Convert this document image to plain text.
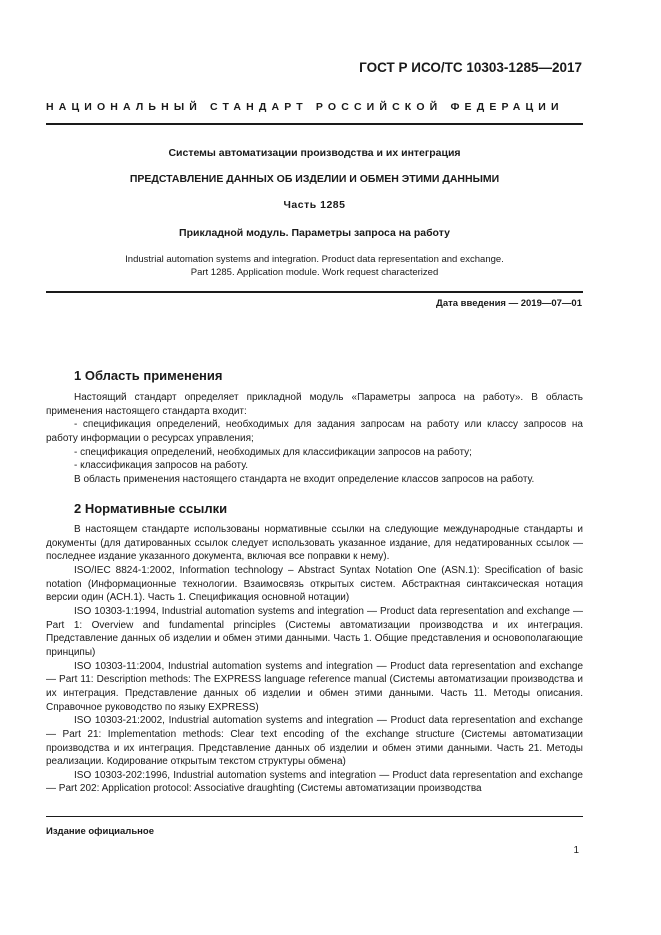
ГОСТ Р ИСО/ТС 10303-1285—2017
НАЦИОНАЛЬНЫЙ СТАНДАРТ РОССИЙСКОЙ ФЕДЕРАЦИИ
Системы автоматизации производства и их интеграция
ПРЕДСТАВЛЕНИЕ ДАННЫХ ОБ ИЗДЕЛИИ И ОБМЕН ЭТИМИ ДАННЫМИ
Часть 1285
Прикладной модуль. Параметры запроса на работу
Industrial automation systems and integration. Product data representation and exchange.
Part 1285. Application module. Work request characterized
Дата введения — 2019—07—01
1 Область применения

Настоящий стандарт определяет прикладной модуль «Параметры запроса на работу». В область применения настоящего стандарта входит:

- спецификация определений, необходимых для задания запросам на работу или классу запросов на работу информации о ресурсах управления;

- спецификация определений, необходимых для классификации запросов на работу;

- классификация запросов на работу.

В область применения настоящего стандарта не входит определение классов запросов на работу.

2 Нормативные ссылки

В настоящем стандарте использованы нормативные ссылки на следующие международные стандарты и документы (для датированных ссылок следует использовать указанное издание, для недатированных ссылок — последнее издание указанного документа, включая все поправки к нему).

ISO/IEC 8824-1:2002, Information technology – Abstract Syntax Notation One (ASN.1): Specification of basic notation (Информационные технологии. Взаимосвязь открытых систем. Абстрактная синтаксическая нотация версии один (АСН.1). Часть 1. Спецификация основной нотации)

ISO 10303-1:1994, Industrial automation systems and integration — Product data representation and exchange — Part 1: Overview and fundamental principles (Системы автоматизации производства и их интеграция. Представление данных об изделии и обмен этими данными. Часть 1. Общие представления и основополагающие принципы)

ISO 10303-11:2004, Industrial automation systems and integration — Product data representation and exchange — Part 11: Description methods: The EXPRESS language reference manual (Системы автоматизации производства и их интеграция. Представление данных об изделии и обмен этими данными. Часть 11. Методы описания. Справочное руководство по языку EXPRESS)

ISO 10303-21:2002, Industrial automation systems and integration — Product data representation and exchange — Part 21: Implementation methods: Clear text encoding of the exchange structure (Системы автоматизации производства и их интеграция. Представление данных об изделии и обмен этими данными. Часть 21. Методы реализации. Кодирование открытым текстом структуры обмена)

ISO 10303-202:1996, Industrial automation systems and integration — Product data representation and exchange — Part 202: Application protocol: Associative draughting (Системы автоматизации производства

Издание официальное
1
